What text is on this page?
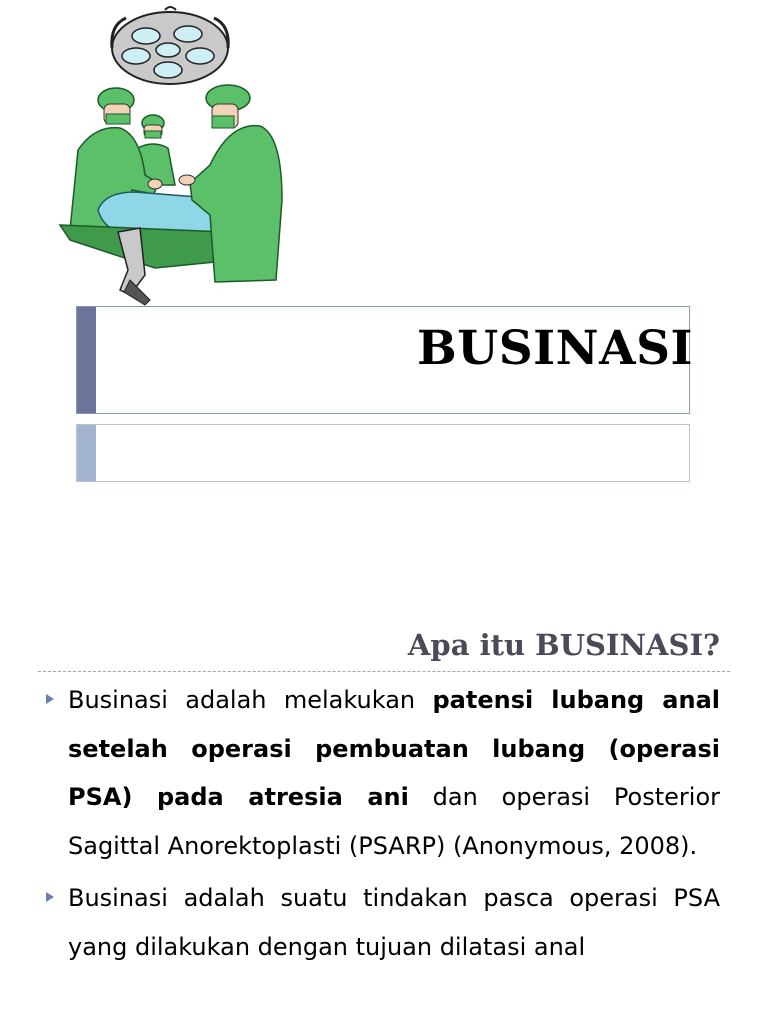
BUSINASI
Apa itu BUSINASI?
Businasi adalah melakukan patensi lubang anal setelah operasi pembuatan lubang (operasi PSA) pada atresia ani dan operasi Posterior Sagittal Anorektoplasti (PSARP) (Anonymous, 2008).
Businasi adalah suatu tindakan pasca operasi PSA yang dilakukan dengan tujuan dilatasi anal
